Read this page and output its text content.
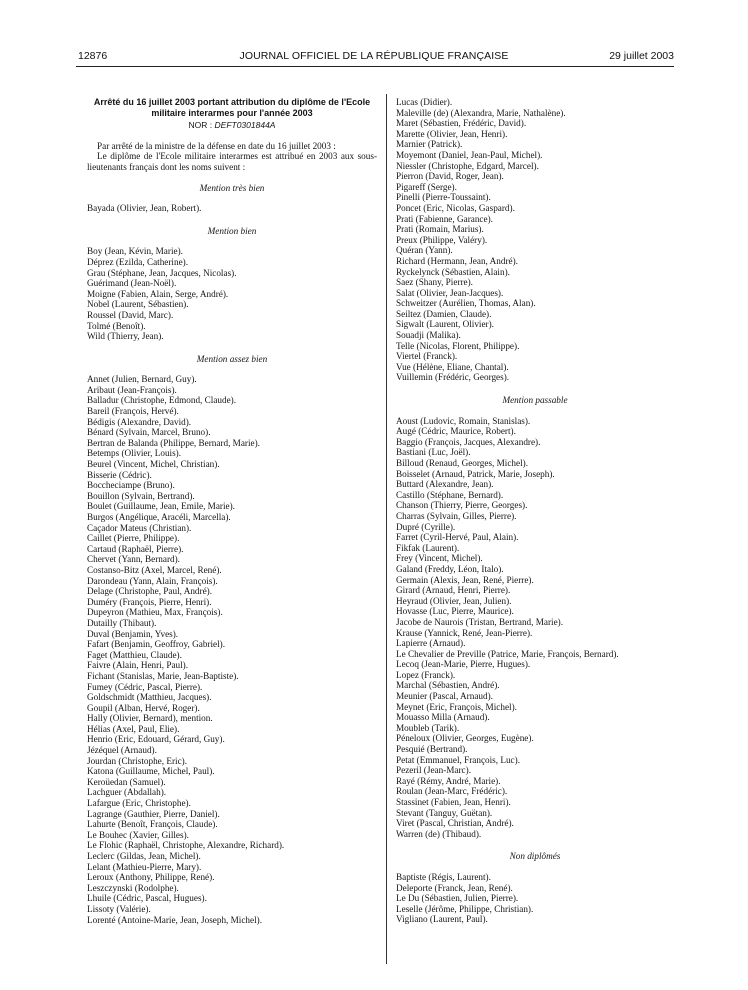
12876	JOURNAL OFFICIEL DE LA RÉPUBLIQUE FRANÇAISE	29 juillet 2003
Arrêté du 16 juillet 2003 portant attribution du diplôme de l'Ecole militaire interarmes pour l'année 2003
NOR : DEFT0301844A

Par arrêté de la ministre de la défense en date du 16 juillet 2003 :

Le diplôme de l'Ecole militaire interarmes est attribué en 2003 aux sous-lieutenants français dont les noms suivent :

Mention très bien
Bayada (Olivier, Jean, Robert).
Mention bien
Boy (Jean, Kévin, Marie).
Déprez (Ezilda, Catherine).
Grau (Stéphane, Jean, Jacques, Nicolas).
Guérimand (Jean-Noël).
Moigne (Fabien, Alain, Serge, André).
Nobel (Laurent, Sébastien).
Roussel (David, Marc).
Tolmé (Benoît).
Wild (Thierry, Jean).
Mention assez bien
Annet (Julien, Bernard, Guy).
Aribaut (Jean-François).
Balladur (Christophe, Edmond, Claude).
Bareil (François, Hervé).
Bédigis (Alexandre, David).
Bénard (Sylvain, Marcel, Bruno).
Bertran de Balanda (Philippe, Bernard, Marie).
Betemps (Olivier, Louis).
Beurel (Vincent, Michel, Christian).
Bisserie (Cédric).
Boccheciampe (Bruno).
Bouillon (Sylvain, Bertrand).
Boulet (Guillaume, Jean, Emile, Marie).
Burgos (Angélique, Aracéli, Marcella).
Caçador Mateus (Christian).
Caillet (Pierre, Philippe).
Cartaud (Raphaël, Pierre).
Chervet (Yann, Bernard).
Costanso-Bitz (Axel, Marcel, René).
Darondeau (Yann, Alain, François).
Delage (Christophe, Paul, André).
Duméry (François, Pierre, Henri).
Dupeyron (Mathieu, Max, François).
Dutailly (Thibaut).
Duval (Benjamin, Yves).
Fafart (Benjamin, Geoffroy, Gabriel).
Faget (Matthieu, Claude).
Faivre (Alain, Henri, Paul).
Fichant (Stanislas, Marie, Jean-Baptiste).
Fumey (Cédric, Pascal, Pierre).
Goldschmidt (Matthieu, Jacques).
Goupil (Alban, Hervé, Roger).
Hally (Olivier, Bernard), mention.
Hélias (Axel, Paul, Elie).
Henrio (Eric, Edouard, Gérard, Guy).
Jézéquel (Arnaud).
Jourdan (Christophe, Eric).
Katona (Guillaume, Michel, Paul).
Keroüedan (Samuel).
Lachguer (Abdallah).
Lafargue (Eric, Christophe).
Lagrange (Gauthier, Pierre, Daniel).
Lahurte (Benoît, François, Claude).
Le Bouhec (Xavier, Gilles).
Le Flohic (Raphaël, Christophe, Alexandre, Richard).
Leclerc (Gildas, Jean, Michel).
Lelant (Mathieu-Pierre, Mary).
Leroux (Anthony, Philippe, René).
Leszczynski (Rodolphe).
Lhuile (Cédric, Pascal, Hugues).
Lissoty (Valérie).
Lorenté (Antoine-Marie, Jean, Joseph, Michel).
Lucas (Didier).
Maleville (de) (Alexandra, Marie, Nathalène).
Maret (Sébastien, Frédéric, David).
Marette (Olivier, Jean, Henri).
Marnier (Patrick).
Moyemont (Daniel, Jean-Paul, Michel).
Niessler (Christophe, Edgard, Marcel).
Pierron (David, Roger, Jean).
Pigareff (Serge).
Pinelli (Pierre-Toussaint).
Poncet (Eric, Nicolas, Gaspard).
Prati (Fabienne, Garance).
Prati (Romain, Marius).
Preux (Philippe, Valéry).
Quéran (Yann).
Richard (Hermann, Jean, André).
Ryckelynck (Sébastien, Alain).
Saez (Shany, Pierre).
Salat (Olivier, Jean-Jacques).
Schweitzer (Aurélien, Thomas, Alan).
Seiltez (Damien, Claude).
Sigwalt (Laurent, Olivier).
Souadji (Malika).
Telle (Nicolas, Florent, Philippe).
Viertel (Franck).
Vue (Hélène, Eliane, Chantal).
Vuillemin (Frédéric, Georges).
Mention passable
Aoust (Ludovic, Romain, Stanislas).
Augé (Cédric, Maurice, Robert).
Baggio (François, Jacques, Alexandre).
Bastiani (Luc, Joël).
Billoud (Renaud, Georges, Michel).
Boisselet (Arnaud, Patrick, Marie, Joseph).
Buttard (Alexandre, Jean).
Castillo (Stéphane, Bernard).
Chanson (Thierry, Pierre, Georges).
Charras (Sylvain, Gilles, Pierre).
Dupré (Cyrille).
Farret (Cyril-Hervé, Paul, Alain).
Fikfak (Laurent).
Frey (Vincent, Michel).
Galand (Freddy, Léon, Italo).
Germain (Alexis, Jean, René, Pierre).
Girard (Arnaud, Henri, Pierre).
Heyraud (Olivier, Jean, Julien).
Hovasse (Luc, Pierre, Maurice).
Jacobe de Naurois (Tristan, Bertrand, Marie).
Krause (Yannick, René, Jean-Pierre).
Lapierre (Arnaud).
Le Chevalier de Preville (Patrice, Marie, François, Bernard).
Lecoq (Jean-Marie, Pierre, Hugues).
Lopez (Franck).
Marchal (Sébastien, André).
Meunier (Pascal, Arnaud).
Meynet (Eric, François, Michel).
Mouasso Milla (Arnaud).
Moubleb (Tarik).
Péneloux (Olivier, Georges, Eugène).
Pesquié (Bertrand).
Petat (Emmanuel, François, Luc).
Pezeril (Jean-Marc).
Rayé (Rémy, André, Marie).
Roulan (Jean-Marc, Frédéric).
Stassinet (Fabien, Jean, Henri).
Stevant (Tanguy, Guëtan).
Viret (Pascal, Christian, André).
Warren (de) (Thibaud).
Non diplômés
Baptiste (Régis, Laurent).
Deleporte (Franck, Jean, René).
Le Du (Sébastien, Julien, Pierre).
Leselle (Jérôme, Philippe, Christian).
Vigliano (Laurent, Paul).
